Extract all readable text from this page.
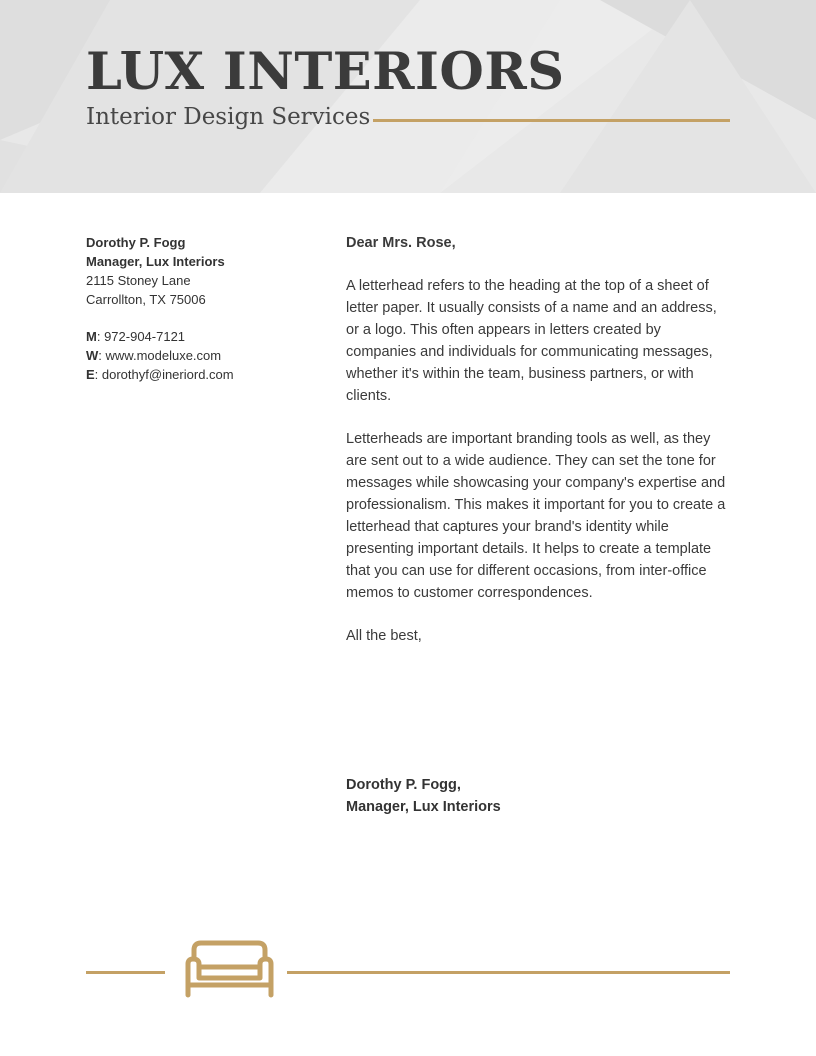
LUX INTERIORS
Interior Design Services
Dorothy P. Fogg
Manager, Lux Interiors
2115 Stoney Lane
Carrollton, TX 75006
M: 972-904-7121
W: www.modeluxe.com
E: dorothyf@ineriord.com

Dear Mrs. Rose,

A letterhead refers to the heading at the top of a sheet of letter paper. It usually consists of a name and an address, or a logo. This often appears in letters created by companies and individuals for communicating messages, whether it's within the team, business partners, or with clients.

Letterheads are important branding tools as well, as they are sent out to a wide audience. They can set the tone for messages while showcasing your company's expertise and professionalism. This makes it important for you to create a letterhead that captures your brand's identity while presenting important details. It helps to create a template that you can use for different occasions, from inter-office memos to customer correspondences.

All the best,

Dorothy P. Fogg,
Manager, Lux Interiors
